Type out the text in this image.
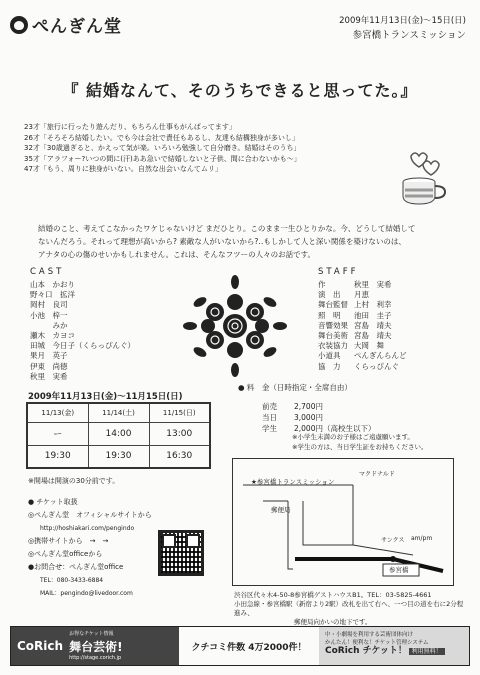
ぺんぎん堂	2009年11月13日(金)〜15日(日)
参宮橋トランスミッション
『 結婚なんて、そのうちできると思ってた。』
23才「旅行に行ったり遊んだり、もちろん仕事もがんばってます」
26才「そろそろ結婚したい。でも今は会社で責任もあるし、友達も結構独身が多いし」
32才「30歳過ぎると、かえって気が楽。いろいろ勉強して自分磨き。結婚はそのうち」
35才「アラフォー?いつの間に(汗)ああ急いで結婚しないと子供、間に合わないかも〜」
47才「もう、周りに独身がいない。自然な出会いなんてムリ」
結婚のこと、考えてこなかったワケじゃないけど まだひとり。このまま一生ひとりかな。今、どうして結婚して
ないんだろう。それって理想が高いから? 素敵な人がいないから?‥もしかして人と深い関係を築けないのは、
アナタの心の傷のせいかもしれません。これは、そんなフツーの人々のお話です。
CAST
山本　かおり
野々口　拡洋
岡村　良司
小池　梓一
　　　みか
瀬木　カヨコ
田城　今日子（くらっぴんぐ）
果月　英子
伊東　尚徳
秋里　実希
STAFF
作	秋里　実希
演　出	月恵
舞台監督 上村　利幸
照　明	池田　圭子
音響効果 宮島　靖夫
舞台美術 宮島　靖夫
衣装協力 大岡　舞
小道具	ぺんぎんらんど
協　力	くらっぴんぐ
2009年11月13日(金)〜11月15日(日)
11/13(金)	11/14(土)	11/15(日)
ー	14:00	13:00
19:30	19:30	16:30
※開場は開演の30分前です。
● チケット取扱
◎ぺんぎん堂　オフィシャルサイトから
http://hoshiakari.com/pengindo
◎携帯サイトから　→　→
◎ぺんぎん堂officeから
●お問合せ：ぺんぎん堂office
TEL：080-3433-6884
MAIL：pengindo@livedoor.com
● 料　金（日時指定・全席自由）
前売	2,700円
当日	3,000円
学生	2,000円（高校生以下）
※小学生未満のお子様はご遠慮願います。
※学生の方は、当日学生証をお持ちください。
★参宮橋トランスミッション
マクドナルド
郵便局
サンクス am/pm
参宮橋
渋谷区代々木4-50-8参宮橋ゲストハウスB1。TEL：03-5825-4661
小田急線・参宮橋駅（新宿より2駅）改札を出て右へ、一つ目の道を右に2分程進み、
郵便局向かいの地下です。
CoRich
お得なチケット情報
舞台芸術!
http://stage.corich.jp
クチコミ件数 4万2000件！
中・小劇場を利用する芸術団体向け
かんたん！便利な！チケット管理システム
CoRich チケット！ 利用無料！
